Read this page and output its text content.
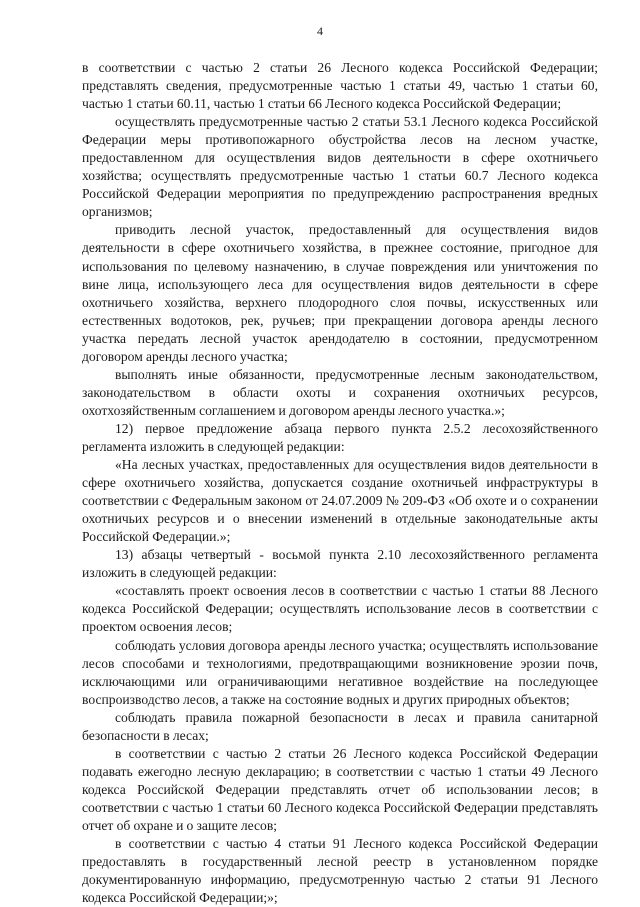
4

в соответствии с частью 2 статьи 26 Лесного кодекса Российской Федерации; представлять сведения, предусмотренные частью 1 статьи 49, частью 1 статьи 60, частью 1 статьи 60.11, частью 1 статьи 66 Лесного кодекса Российской Федерации;

осуществлять предусмотренные частью 2 статьи 53.1 Лесного кодекса Российской Федерации меры противопожарного обустройства лесов на лесном участке, предоставленном для осуществления видов деятельности в сфере охотничьего хозяйства; осуществлять предусмотренные частью 1 статьи 60.7 Лесного кодекса Российской Федерации мероприятия по предупреждению распространения вредных организмов;

приводить лесной участок, предоставленный для осуществления видов деятельности в сфере охотничьего хозяйства, в прежнее состояние, пригодное для использования по целевому назначению, в случае повреждения или уничтожения по вине лица, использующего леса для осуществления видов деятельности в сфере охотничьего хозяйства, верхнего плодородного слоя почвы, искусственных или естественных водотоков, рек, ручьев; при прекращении договора аренды лесного участка передать лесной участок арендодателю в состоянии, предусмотренном договором аренды лесного участка;

выполнять иные обязанности, предусмотренные лесным законодательством, законодательством в области охоты и сохранения охотничьих ресурсов, охотхозяйственным соглашением и договором аренды лесного участка.»;

12) первое предложение абзаца первого пункта 2.5.2 лесохозяйственного регламента изложить в следующей редакции:

«На лесных участках, предоставленных для осуществления видов деятельности в сфере охотничьего хозяйства, допускается создание охотничьей инфраструктуры в соответствии с Федеральным законом от 24.07.2009 № 209-ФЗ «Об охоте и о сохранении охотничьих ресурсов и о внесении изменений в отдельные законодательные акты Российской Федерации.»;

13) абзацы четвертый - восьмой пункта 2.10 лесохозяйственного регламента изложить в следующей редакции:

«составлять проект освоения лесов в соответствии с частью 1 статьи 88 Лесного кодекса Российской Федерации; осуществлять использование лесов в соответствии с проектом освоения лесов;

соблюдать условия договора аренды лесного участка; осуществлять использование лесов способами и технологиями, предотвращающими возникновение эрозии почв, исключающими или ограничивающими негативное воздействие на последующее воспроизводство лесов, а также на состояние водных и других природных объектов;

соблюдать правила пожарной безопасности в лесах и правила санитарной безопасности в лесах;

в соответствии с частью 2 статьи 26 Лесного кодекса Российской Федерации подавать ежегодно лесную декларацию; в соответствии с частью 1 статьи 49 Лесного кодекса Российской Федерации представлять отчет об использовании лесов; в соответствии с частью 1 статьи 60 Лесного кодекса Российской Федерации представлять отчет об охране и о защите лесов;

в соответствии с частью 4 статьи 91 Лесного кодекса Российской Федерации предоставлять в государственный лесной реестр в установленном порядке документированную информацию, предусмотренную частью 2 статьи 91 Лесного кодекса Российской Федерации;»;
